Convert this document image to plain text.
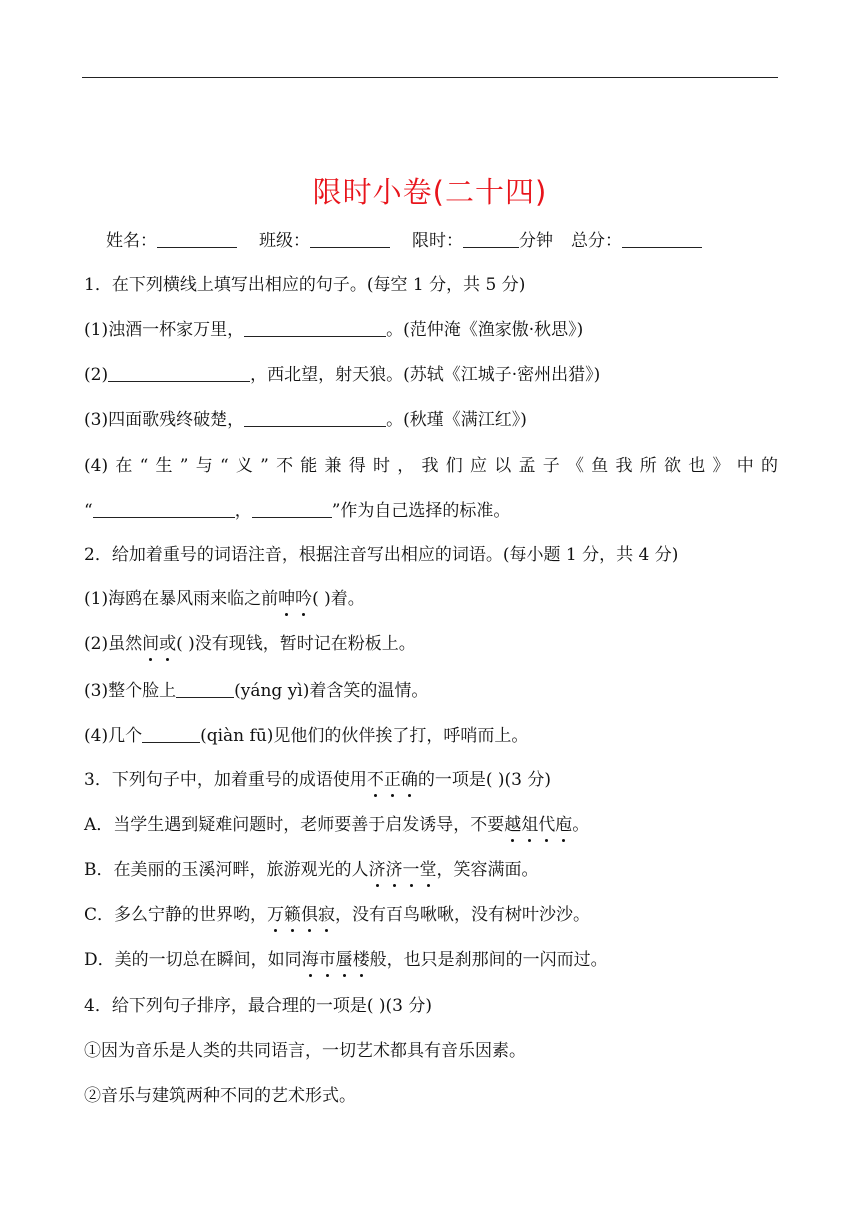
限时小卷(二十四)
姓名：	班级：	限时：	分钟 总分：
1．在下列横线上填写出相应的句子。(每空 1 分，共 5 分)
(1)浊酒一杯家万里，	。(范仲淹《渔家傲·秋思》)
(2)	，西北望，射天狼。(苏轼《江城子·密州出猎》)
(3)四面歌残终破楚，	。(秋瑾《满江红》)
(4)在“生”与“义”不能兼得时，我们应以孟子《鱼我所欲也》中的
“	，	”作为自己选择的标准。
2．给加着重号的词语注音，根据注音写出相应的词语。(每小题 1 分，共 4 分)
(1)海鸥在暴风雨来临之前呻吟( )着。
(2)虽然间或( )没有现钱，暂时记在粉板上。
(3)整个脸上	(yáng yì)着含笑的温情。
(4)几个	(qiàn fū)见他们的伙伴挨了打，呼哨而上。
3．下列句子中，加着重号的成语使用不正确的一项是( )(3 分)
A．当学生遇到疑难问题时，老师要善于启发诱导，不要越俎代庖。
B．在美丽的玉溪河畔，旅游观光的人济济一堂，笑容满面。
C．多么宁静的世界哟，万籁俱寂，没有百鸟啾啾，没有树叶沙沙。
D．美的一切总在瞬间，如同海市蜃楼般，也只是刹那间的一闪而过。
4．给下列句子排序，最合理的一项是( )(3 分)
①因为音乐是人类的共同语言，一切艺术都具有音乐因素。
②音乐与建筑两种不同的艺术形式。
